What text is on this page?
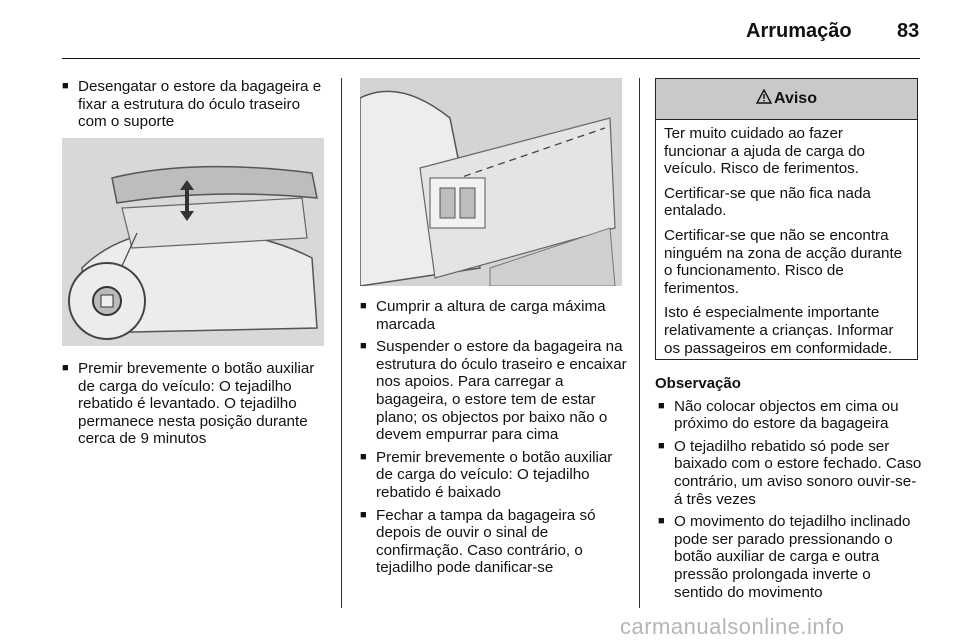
Arrumação 83
■ Desengatar o estore da bagageira e fixar a estrutura do óculo traseiro com o suporte
■ Premir brevemente o botão auxiliar de carga do veículo: O tejadilho rebatido é levantado. O tejadilho permanece nesta posição durante cerca de 9 minutos
■ Cumprir a altura de carga máxima marcada
■ Suspender o estore da bagageira na estrutura do óculo traseiro e encaixar nos apoios. Para carregar a bagageira, o estore tem de estar plano; os objectos por baixo não o devem empurrar para cima
■ Premir brevemente o botão auxiliar de carga do veículo: O tejadilho rebatido é baixado
■ Fechar a tampa da bagageira só depois de ouvir o sinal de confirmação. Caso contrário, o tejadilho pode danificar-se
Aviso

Ter muito cuidado ao fazer funcionar a ajuda de carga do veículo. Risco de ferimentos.

Certificar-se que não fica nada entalado.

Certificar-se que não se encontra ninguém na zona de acção durante o funcionamento. Risco de ferimentos.

Isto é especialmente importante relativamente a crianças. Informar os passageiros em conformidade.

Observação
■ Não colocar objectos em cima ou próximo do estore da bagageira
■ O tejadilho rebatido só pode ser baixado com o estore fechado. Caso contrário, um aviso sonoro ouvir-se-á três vezes
■ O movimento do tejadilho inclinado pode ser parado pressionando o botão auxiliar de carga e outra pressão prolongada inverte o sentido do movimento
carmanualsonline.info
